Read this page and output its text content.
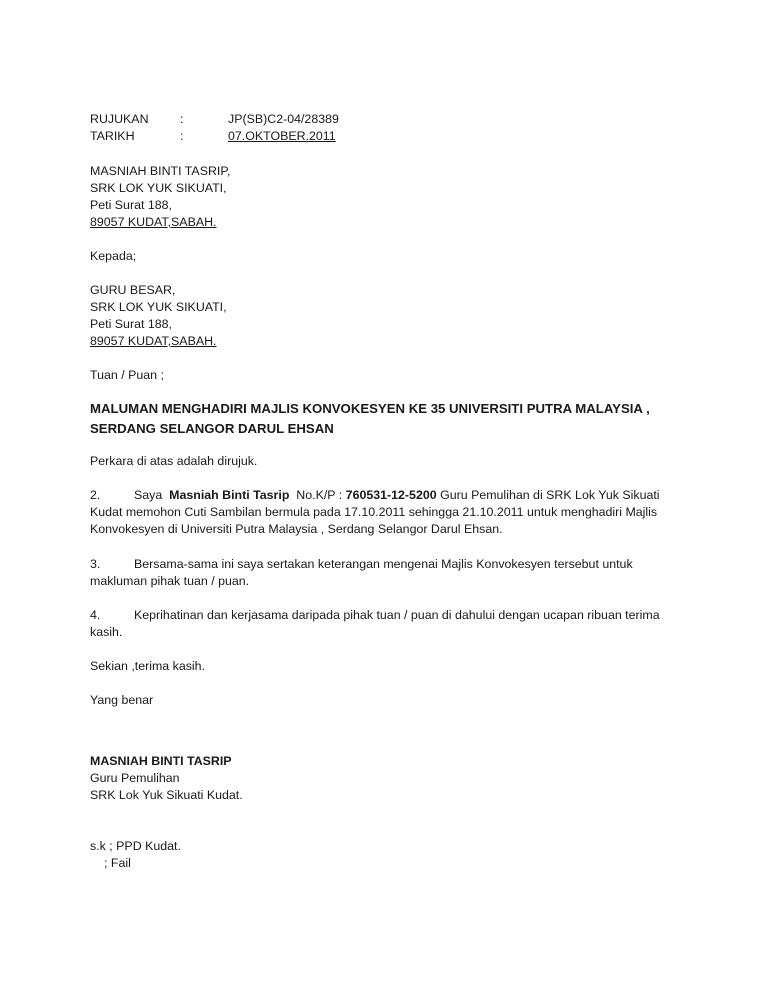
RUJUKAN	:	JP(SB)C2-04/28389
TARIKH	:	07.OKTOBER.2011
MASNIAH BINTI TASRIP,
SRK LOK YUK SIKUATI,
Peti Surat 188,
89057 KUDAT,SABAH.
Kepada;
GURU BESAR,
SRK LOK YUK SIKUATI,
Peti Surat 188,
89057 KUDAT,SABAH.
Tuan / Puan ;
MALUMAN MENGHADIRI MAJLIS KONVOKESYEN KE 35 UNIVERSITI PUTRA MALAYSIA ,
SERDANG SELANGOR DARUL EHSAN
Perkara di atas adalah dirujuk.
2.	Saya Masniah Binti Tasrip No.K/P : 760531-12-5200 Guru Pemulihan di SRK Lok Yuk Sikuati
Kudat memohon Cuti Sambilan bermula pada 17.10.2011 sehingga 21.10.2011 untuk menghadiri Majlis
Konvokesyen di Universiti Putra Malaysia , Serdang Selangor Darul Ehsan.
3.	Bersama-sama ini saya sertakan keterangan mengenai Majlis Konvokesyen tersebut untuk
makluman pihak tuan / puan.
4.	Keprihatinan dan kerjasama daripada pihak tuan / puan di dahului dengan ucapan ribuan terima
kasih.
Sekian ,terima kasih.
Yang benar
MASNIAH BINTI TASRIP
Guru Pemulihan
SRK Lok Yuk Sikuati Kudat.
s.k ; PPD Kudat.
; Fail
